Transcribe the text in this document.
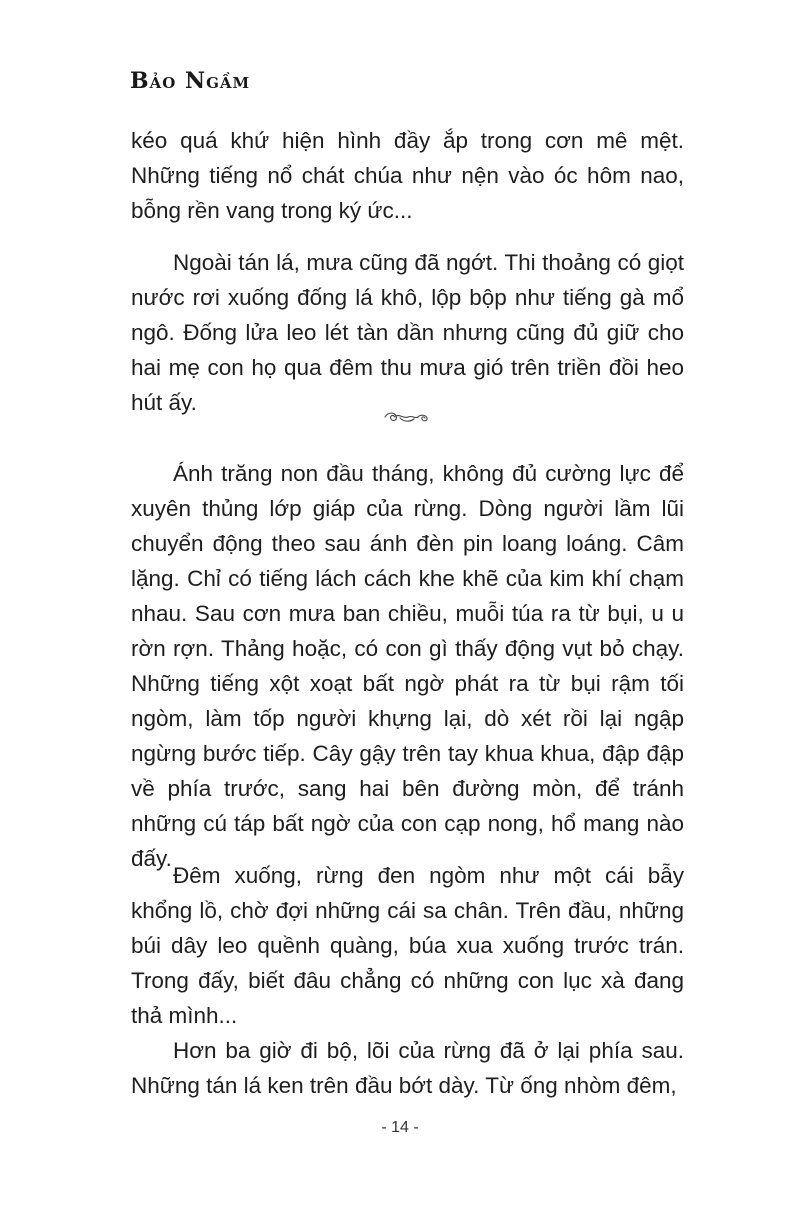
Bảo Ngầm

kéo quá khứ hiện hình đầy ắp trong cơn mê mệt. Những tiếng nổ chát chúa như nện vào óc hôm nao, bỗng rền vang trong ký ức...

Ngoài tán lá, mưa cũng đã ngớt. Thi thoảng có giọt nước rơi xuống đống lá khô, lộp bộp như tiếng gà mổ ngô. Đống lửa leo lét tàn dần nhưng cũng đủ giữ cho hai mẹ con họ qua đêm thu mưa gió trên triền đồi heo hút ấy.

Ánh trăng non đầu tháng, không đủ cường lực để xuyên thủng lớp giáp của rừng. Dòng người lầm lũi chuyển động theo sau ánh đèn pin loang loáng. Câm lặng. Chỉ có tiếng lách cách khe khẽ của kim khí chạm nhau. Sau cơn mưa ban chiều, muỗi túa ra từ bụi, u u rờn rợn. Thảng hoặc, có con gì thấy động vụt bỏ chạy. Những tiếng xột xoạt bất ngờ phát ra từ bụi rậm tối ngòm, làm tốp người khựng lại, dò xét rồi lại ngập ngừng bước tiếp. Cây gậy trên tay khua khua, đập đập về phía trước, sang hai bên đường mòn, để tránh những cú táp bất ngờ của con cạp nong, hổ mang nào đấy.

Đêm xuống, rừng đen ngòm như một cái bẫy khổng lồ, chờ đợi những cái sa chân. Trên đầu, những búi dây leo quềnh quàng, búa xua xuống trước trán. Trong đấy, biết đâu chẳng có những con lục xà đang thả mình...

Hơn ba giờ đi bộ, lõi của rừng đã ở lại phía sau. Những tán lá ken trên đầu bớt dày. Từ ống nhòm đêm,

- 14 -
